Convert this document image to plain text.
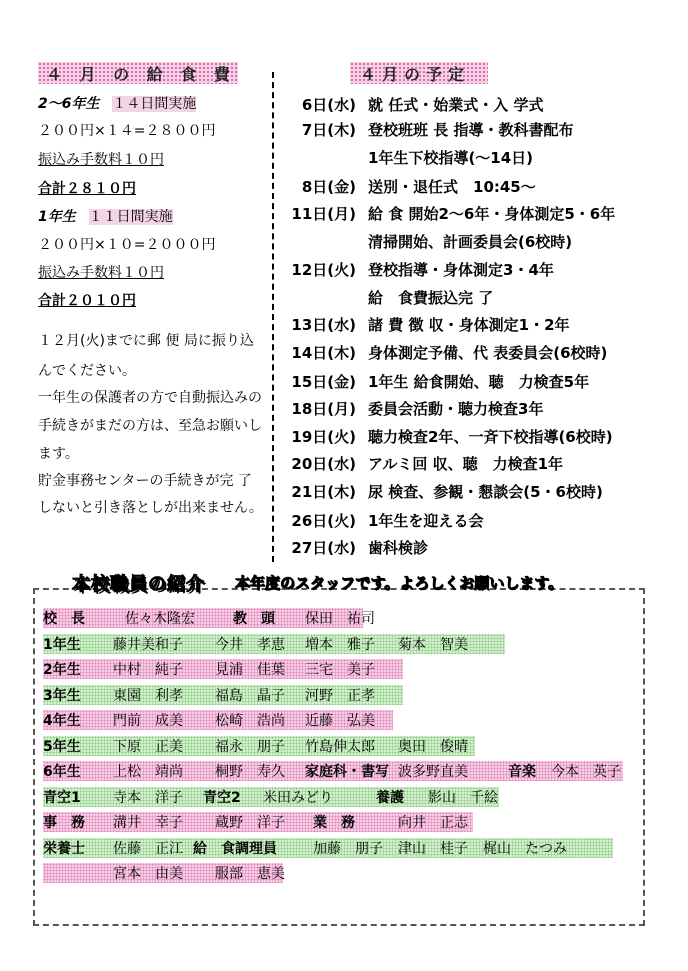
４ 月 の 給 食 費
2～6年生 １４日間実施
２００円×１４=２８００円
振込み手数料１０円
合計２８１０円
1年生 １１日間実施
２００円×１０=２０００円
振込み手数料１０円
合計２０１０円
１２月(火)までに郵 便 局に振り込
んでください。
一年生の保護者の方で自動振込みの
手続きがまだの方は、至急お願いし
ます。
貯金事務センターの手続きが完 了
しないと引き落としが出来ません。
４月の予定
6日(水) 就 任式・始業式・入 学式
7日(木) 登校班班 長 指導・教科書配布
1年生下校指導(～14日)
8日(金) 送別・退任式　10:45～
11日(月) 給 食 開始2～6年・身体測定5・6年
清掃開始、計画委員会(6校時)
12日(火) 登校指導・身体測定3・4年
給　食費振込完 了
13日(水) 諸 費 徴 収・身体測定1・2年
14日(木) 身体測定予備、代 表委員会(6校時)
15日(金) 1年生 給食開始、聴　力検査5年
18日(月) 委員会活動・聴力検査3年
19日(火) 聴力検査2年、一斉下校指導(6校時)
20日(水) アルミ回 収、聴　力検査1年
21日(木) 尿 検査、参観・懇談会(5・6校時)
26日(火) 1年生を迎える会
27日(水) 歯科検診
本校職員の紹介 本年度のスタッフです。よろしくお願いします。
校　長	佐々木隆宏	教　頭 保田　祐司
1年生 藤井美和子 今井　孝恵 増本　雅子 菊本　智美
2年生 中村　純子 見浦　佳葉 三宅　美子
3年生 東園　利孝 福島　晶子 河野　正孝
4年生 門前　成美 松崎　浩尚 近藤　弘美
5年生 下原　正美 福永　朋子 竹島伸太郎 奥田　俊晴
6年生 上松　靖尚 桐野　寿久 家庭科・書写 波多野直美	音楽 今本　英子
青空1 寺本　洋子 青空2 米田みどり	養護 影山　千絵
事　務 溝井　幸子 蔵野　洋子 業　務	向井　正志
栄養士 佐藤　正江 給　食調理員	加藤　朋子 津山　桂子 梶山　たつみ
宮本　由美 服部　恵美
